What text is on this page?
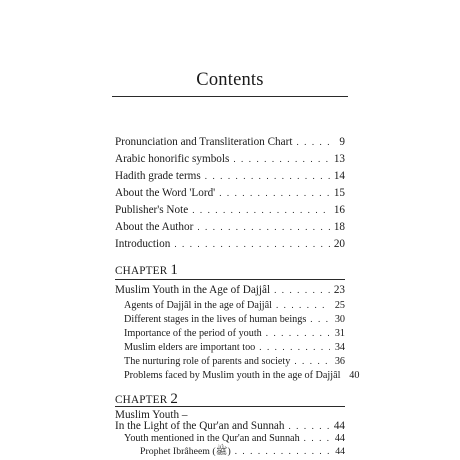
Contents
Pronunciation and Transliteration Chart . . .	9
Arabic honorific symbols . . .	13
Hadith grade terms . . .	14
About the Word 'Lord' . . .	15
Publisher's Note . . .	16
About the Author . . .	18
Introduction . . .	20
CHAPTER 1
Muslim Youth in the Age of Dajjâl . . .	23
Agents of Dajjâl in the age of Dajjâl . . .	25
Different stages in the lives of human beings . . .	30
Importance of the period of youth . . .	31
Muslim elders are important too . . .	34
The nurturing role of parents and society . . .	36
Problems faced by Muslim youth in the age of Dajjâl 40
CHAPTER 2
Muslim Youth –
In the Light of the Qur'an and Sunnah . . .	44
Youth mentioned in the Qur'an and Sunnah . . .	44
Prophet Ibrâheem (ﷺ) . . .	44
